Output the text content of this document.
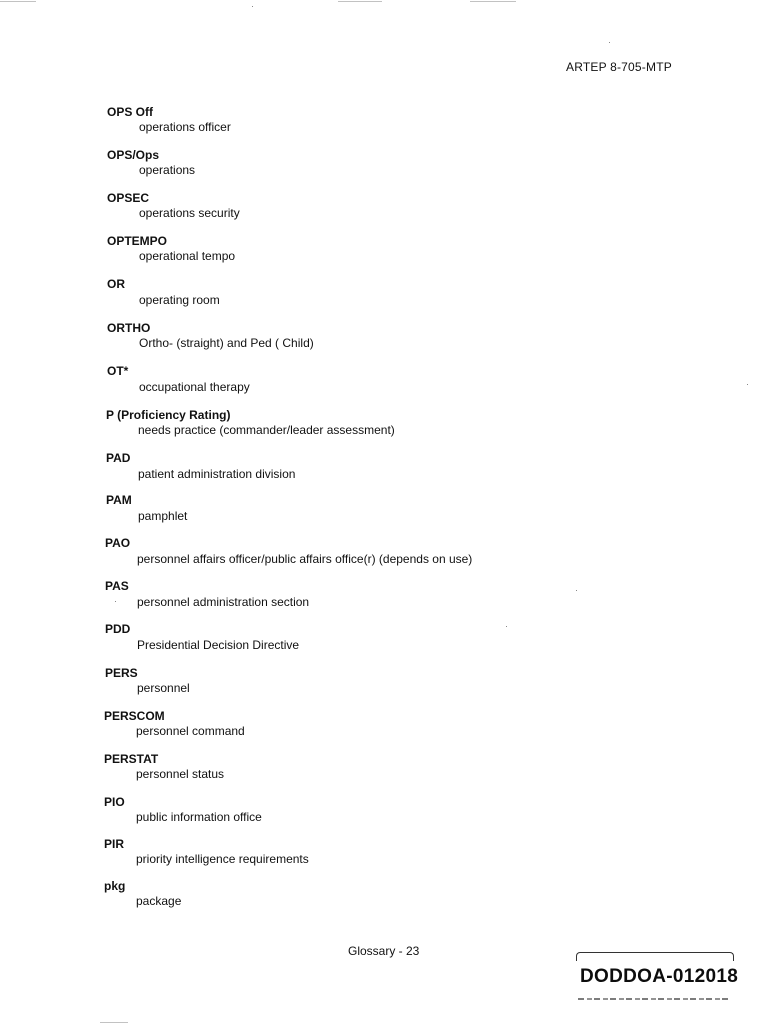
ARTEP 8-705-MTP
OPS Off
operations officer
OPS/Ops
operations
OPSEC
operations security
OPTEMPO
operational tempo
OR
operating room
ORTHO
Ortho- (straight) and Ped ( Child)
OT*
occupational therapy
P (Proficiency Rating)
needs practice (commander/leader assessment)
PAD
patient administration division
PAM
pamphlet
PAO
personnel affairs officer/public affairs office(r) (depends on use)
PAS
personnel administration section
PDD
Presidential Decision Directive
PERS
personnel
PERSCOM
personnel command
PERSTAT
personnel status
PIO
public information office
PIR
priority intelligence requirements
pkg
package
Glossary - 23
DODDOA-012018
